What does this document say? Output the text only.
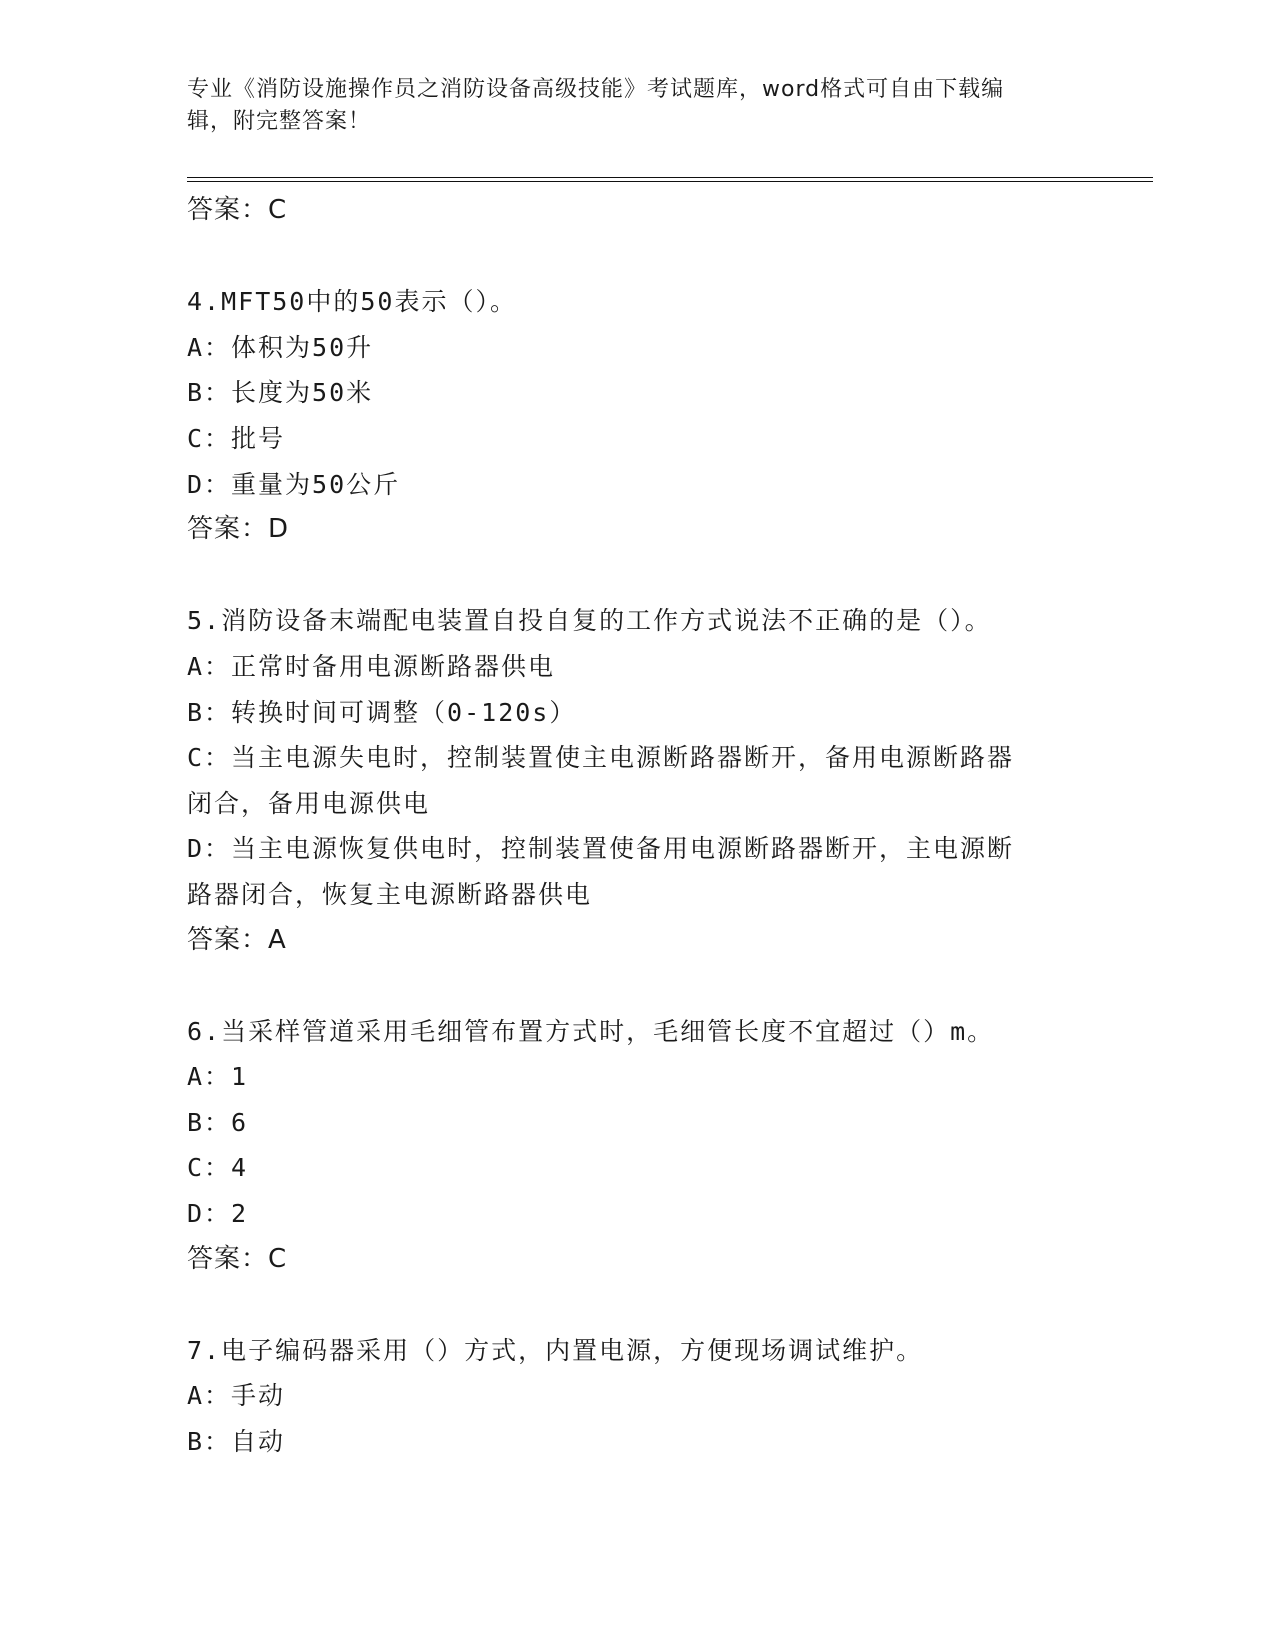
专业《消防设施操作员之消防设备高级技能》考试题库，word格式可自由下载编
辑，附完整答案！
答案：C
4.MFT50中的50表示（）。
A：体积为50升
B：长度为50米
C：批号
D：重量为50公斤
答案：D
5.消防设备末端配电装置自投自复的工作方式说法不正确的是（）。
A：正常时备用电源断路器供电
B：转换时间可调整（0-120s）
C：当主电源失电时，控制装置使主电源断路器断开，备用电源断路器
闭合，备用电源供电
D：当主电源恢复供电时，控制装置使备用电源断路器断开，主电源断
路器闭合，恢复主电源断路器供电
答案：A
6.当采样管道采用毛细管布置方式时，毛细管长度不宜超过（）m。
A：1
B：6
C：4
D：2
答案：C
7.电子编码器采用（）方式，内置电源，方便现场调试维护。
A：手动
B：自动
